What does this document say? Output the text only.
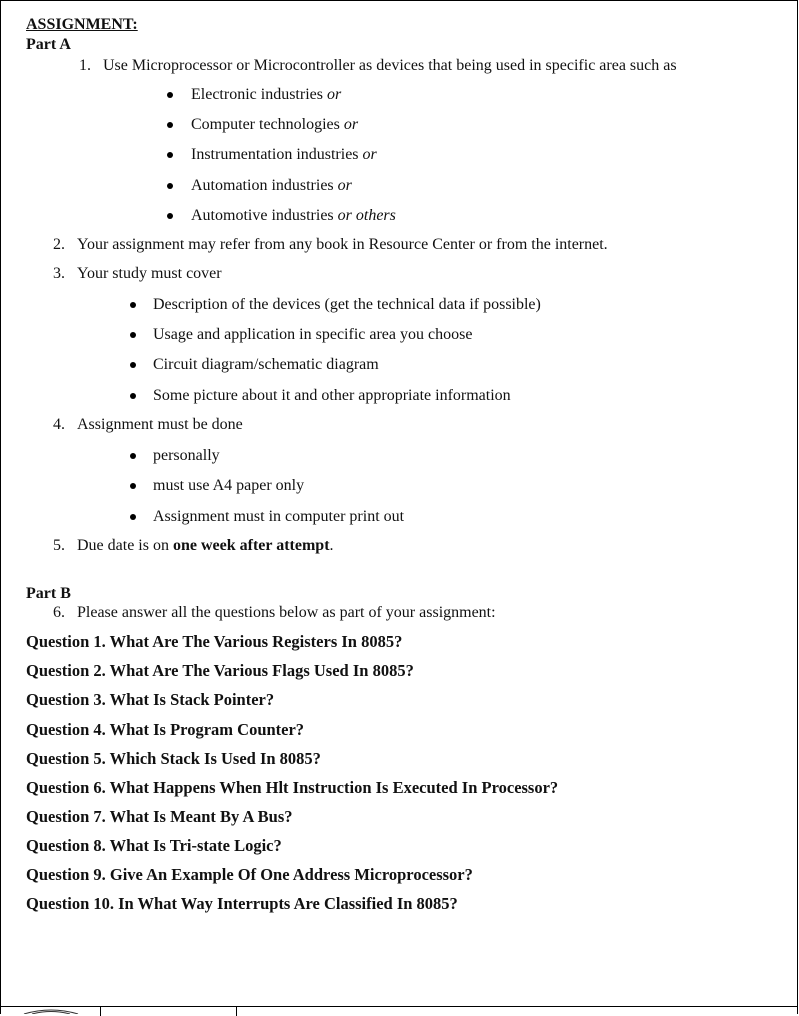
ASSIGNMENT:
Part A
1. Use Microprocessor or Microcontroller as devices that being used in specific area such as
Electronic industries or
Computer technologies or
Instrumentation industries or
Automation industries or
Automotive industries or others
2. Your assignment may refer from any book in Resource Center or from the internet.
3. Your study must cover
Description of the devices (get the technical data if possible)
Usage and application in specific area you choose
Circuit diagram/schematic diagram
Some picture about it and other appropriate information
4. Assignment must be done
personally
must use A4 paper only
Assignment must in computer print out
5. Due date is on one week after attempt.
Part B
6. Please answer all the questions below as part of your assignment:
Question 1. What Are The Various Registers In 8085?
Question 2. What Are The Various Flags Used In 8085?
Question 3. What Is Stack Pointer?
Question 4. What Is Program Counter?
Question 5. Which Stack Is Used In 8085?
Question 6. What Happens When Hlt Instruction Is Executed In Processor?
Question 7. What Is Meant By A Bus?
Question 8. What Is Tri-state Logic?
Question 9. Give An Example Of One Address Microprocessor?
Question 10. In What Way Interrupts Are Classified In 8085?
